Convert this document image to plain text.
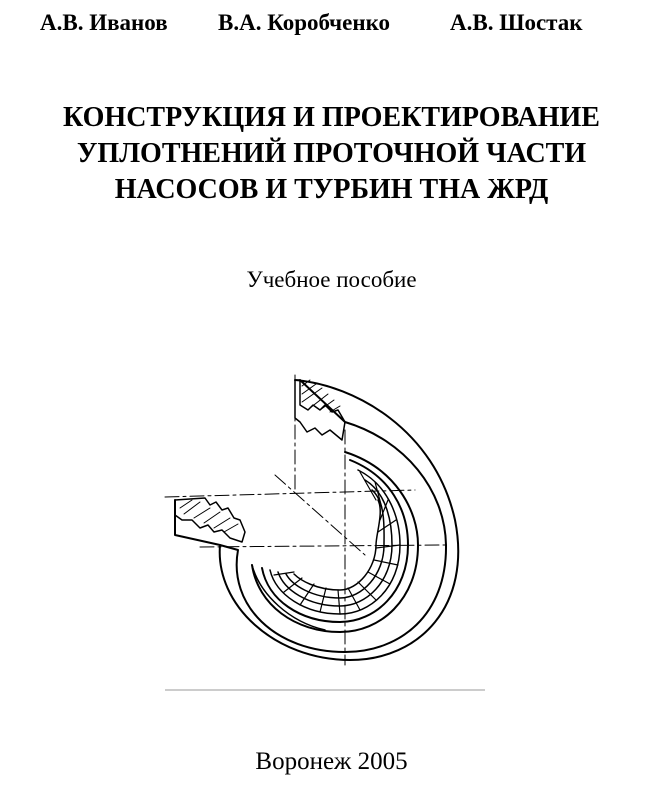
А.В. Иванов В.А. Коробченко	А.В. Шостак
КОНСТРУКЦИЯ И ПРОЕКТИРОВАНИЕ
УПЛОТНЕНИЙ ПРОТОЧНОЙ ЧАСТИ
НАСОСОВ И ТУРБИН ТНА ЖРД
Учебное пособие
Воронеж 2005
